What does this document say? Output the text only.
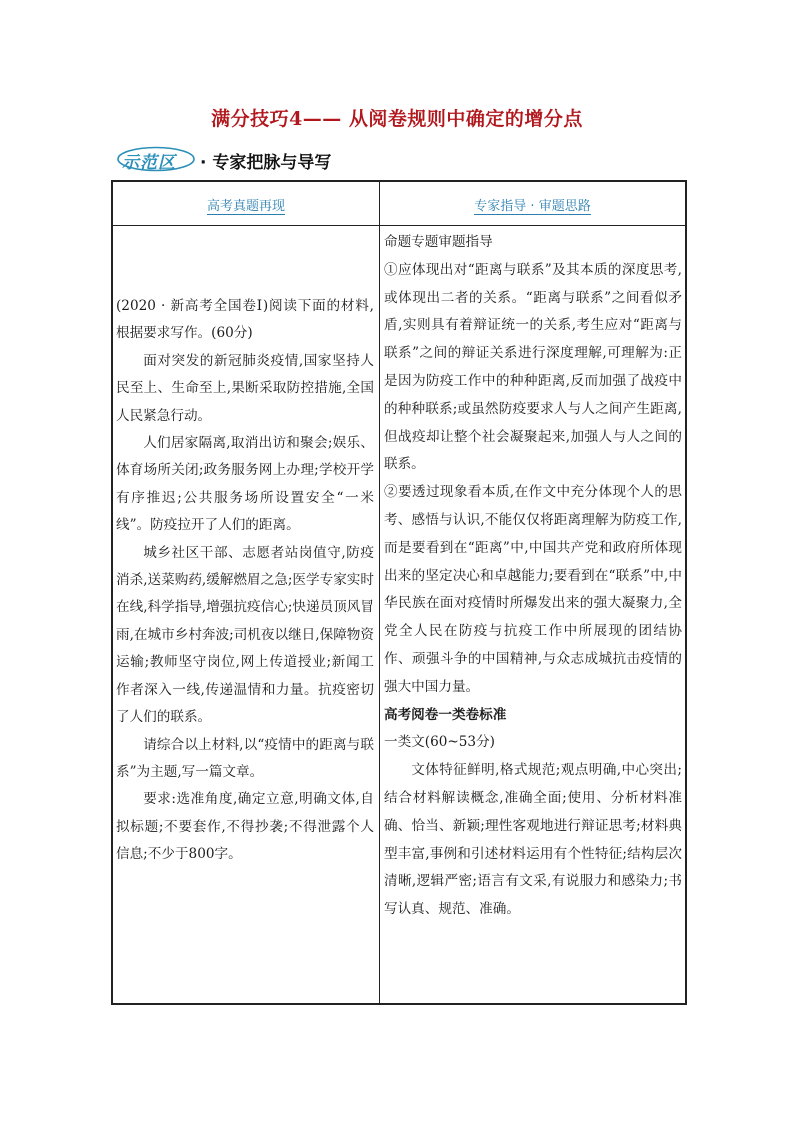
满分技巧4—— 从阅卷规则中确定的增分点
示范区 · 专家把脉与导写
高考真题再现	专家指导 · 审题思路

(2020 · 新高考全国卷Ⅰ)阅读下面的材料,根据要求写作。(60分)

面对突发的新冠肺炎疫情,国家坚持人民至上、生命至上,果断采取防控措施,全国人民紧急行动。

人们居家隔离,取消出访和聚会;娱乐、体育场所关闭;政务服务网上办理;学校开学有序推迟;公共服务场所设置安全“一米线”。防疫拉开了人们的距离。

城乡社区干部、志愿者站岗值守,防疫消杀,送菜购药,缓解燃眉之急;医学专家实时在线,科学指导,增强抗疫信心;快递员顶风冒雨,在城市乡村奔波;司机夜以继日,保障物资运输;教师坚守岗位,网上传道授业;新闻工作者深入一线,传递温情和力量。抗疫密切了人们的联系。

请综合以上材料,以“疫情中的距离与联系”为主题,写一篇文章。

要求:选准角度,确定立意,明确文体,自拟标题;不要套作,不得抄袭;不得泄露个人信息;不少于800字。

命题专题审题指导

①应体现出对“距离与联系”及其本质的深度思考,或体现出二者的关系。“距离与联系”之间看似矛盾,实则具有着辩证统一的关系,考生应对“距离与联系”之间的辩证关系进行深度理解,可理解为:正是因为防疫工作中的种种距离,反而加强了战疫中的种种联系;或虽然防疫要求人与人之间产生距离,但战疫却让整个社会凝聚起来,加强人与人之间的联系。

②要透过现象看本质,在作文中充分体现个人的思考、感悟与认识,不能仅仅将距离理解为防疫工作,而是要看到在“距离”中,中国共产党和政府所体现出来的坚定决心和卓越能力;要看到在“联系”中,中华民族在面对疫情时所爆发出来的强大凝聚力,全党全人民在防疫与抗疫工作中所展现的团结协作、顽强斗争的中国精神,与众志成城抗击疫情的强大中国力量。

高考阅卷一类卷标准

一类文(60~53分)

文体特征鲜明,格式规范;观点明确,中心突出;结合材料解读概念,准确全面;使用、分析材料准确、恰当、新颖;理性客观地进行辩证思考;材料典型丰富,事例和引述材料运用有个性特征;结构层次清晰,逻辑严密;语言有文采,有说服力和感染力;书写认真、规范、准确。
